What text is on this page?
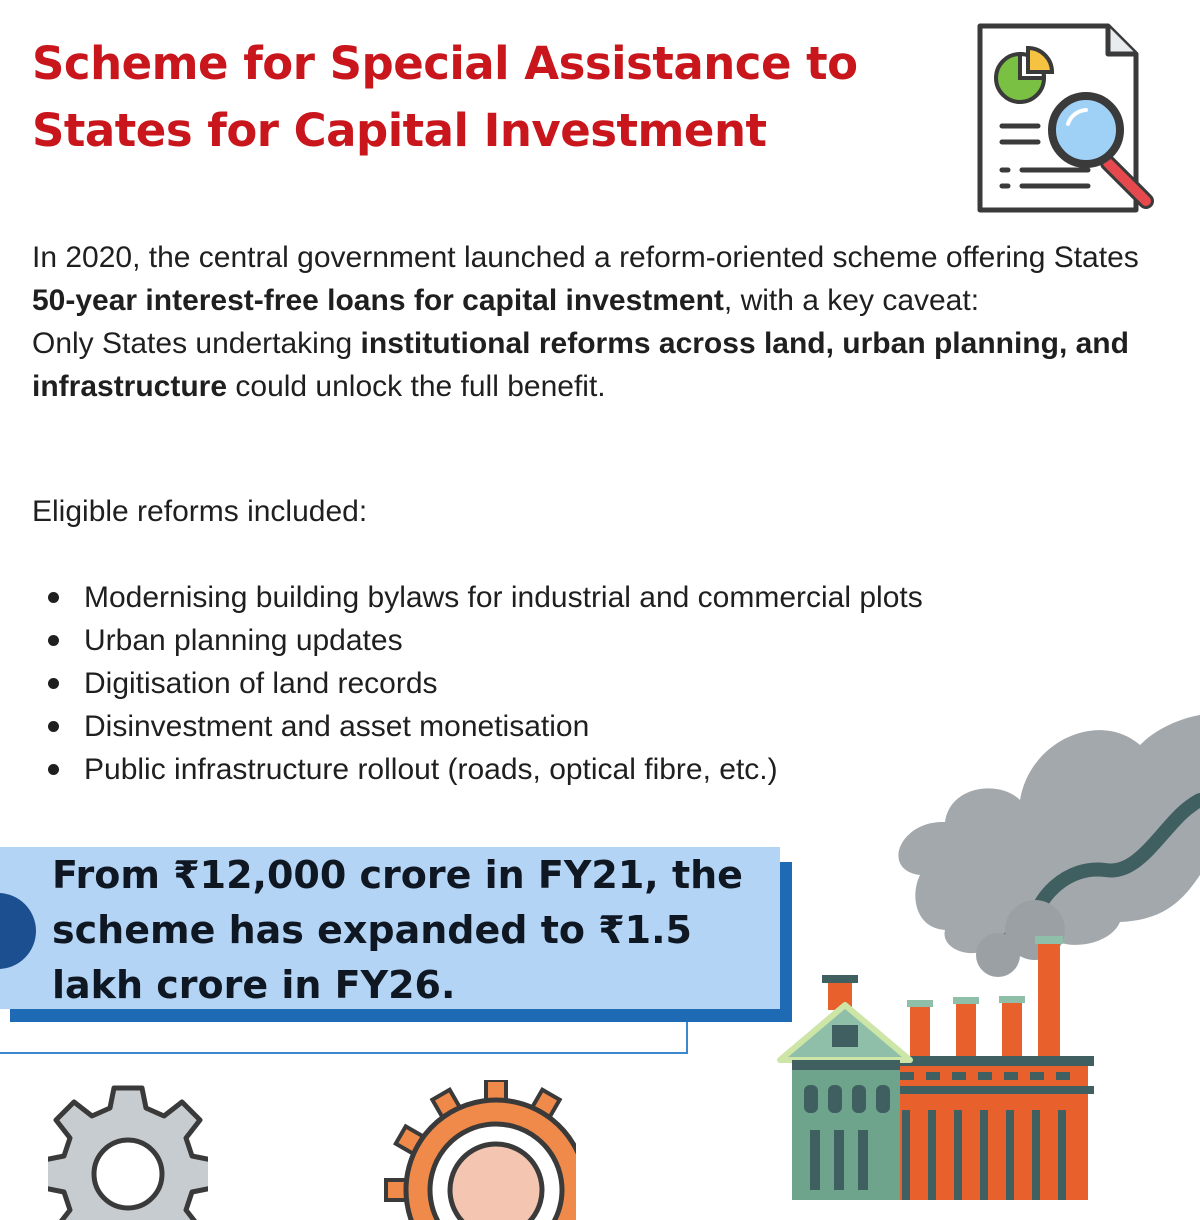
Scheme for Special Assistance to
States for Capital Investment
In 2020, the central government launched a reform-oriented scheme offering States 50-year interest-free loans for capital investment, with a key caveat:
Only States undertaking institutional reforms across land, urban planning, and infrastructure could unlock the full benefit.

Eligible reforms included:

Modernising building bylaws for industrial and commercial plots
Urban planning updates
Digitisation of land records
Disinvestment and asset monetisation
Public infrastructure rollout (roads, optical fibre, etc.)

From ₹12,000 crore in FY21, the scheme has expanded to ₹1.5 lakh crore in FY26.
